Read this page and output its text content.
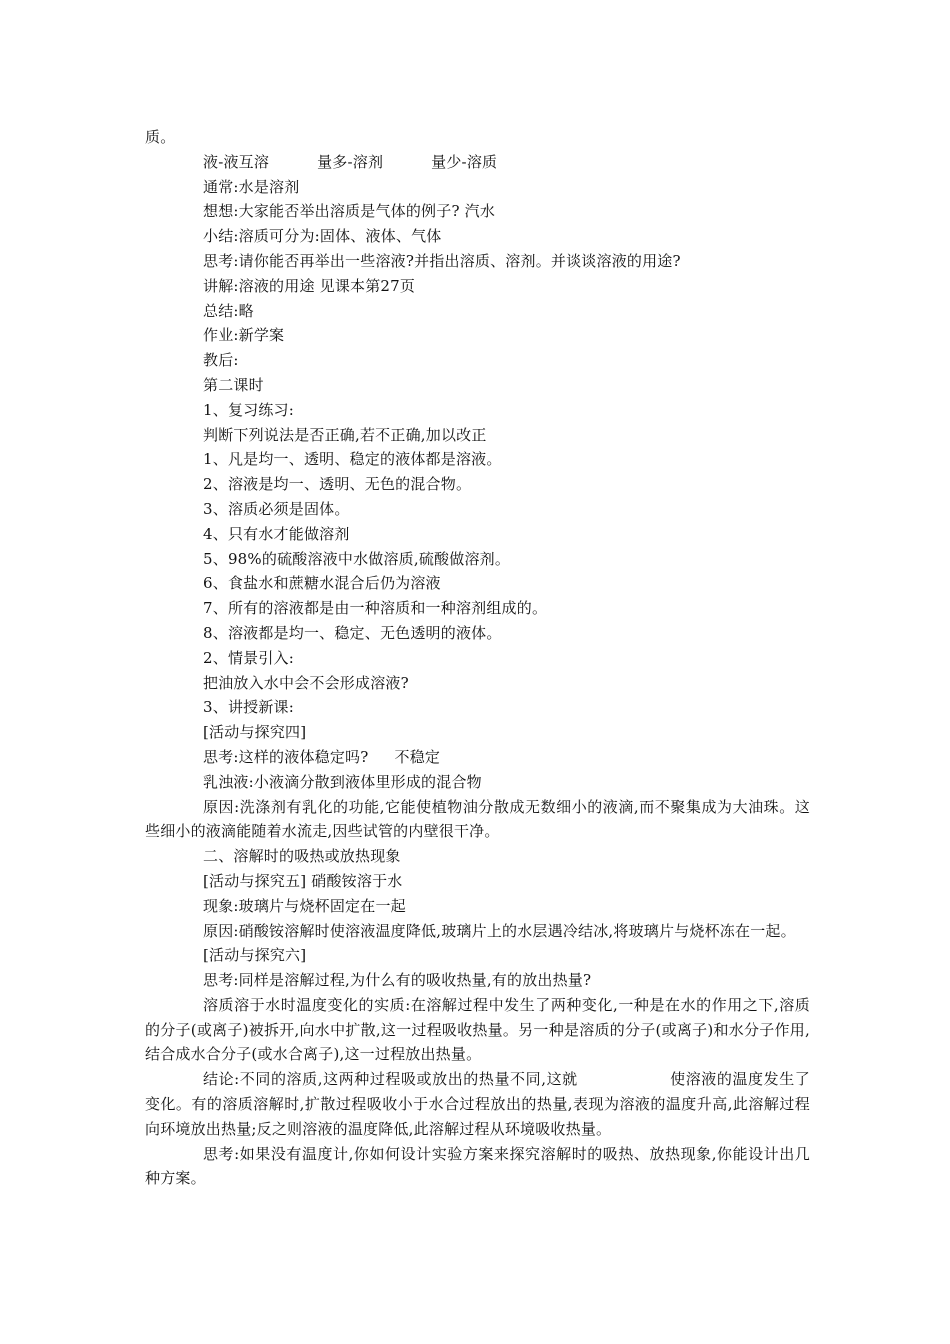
质。

液-液互溶	量多-溶剂	量少-溶质

通常:水是溶剂

想想:大家能否举出溶质是气体的例子? 汽水

小结:溶质可分为:固体、液体、气体

思考:请你能否再举出一些溶液?并指出溶质、溶剂。并谈谈溶液的用途?

讲解:溶液的用途 见课本第27页

总结:略

作业:新学案

教后:

第二课时

1、复习练习:

判断下列说法是否正确,若不正确,加以改正

1、凡是均一、透明、稳定的液体都是溶液。

2、溶液是均一、透明、无色的混合物。

3、溶质必须是固体。

4、只有水才能做溶剂

5、98%的硫酸溶液中水做溶质,硫酸做溶剂。

6、食盐水和蔗糖水混合后仍为溶液

7、所有的溶液都是由一种溶质和一种溶剂组成的。

8、溶液都是均一、稳定、无色透明的液体。

2、情景引入:

把油放入水中会不会形成溶液?

3、讲授新课:

[活动与探究四]

思考:这样的液体稳定吗? 不稳定

乳浊液:小液滴分散到液体里形成的混合物

原因:洗涤剂有乳化的功能,它能使植物油分散成无数细小的液滴,而不聚集成为大油珠。这些细小的液滴能随着水流走,因些试管的内壁很干净。

二、溶解时的吸热或放热现象

[活动与探究五] 硝酸铵溶于水

现象:玻璃片与烧杯固定在一起

原因:硝酸铵溶解时使溶液温度降低,玻璃片上的水层遇冷结冰,将玻璃片与烧杯冻在一起。

[活动与探究六]

思考:同样是溶解过程,为什么有的吸收热量,有的放出热量?

溶质溶于水时温度变化的实质:在溶解过程中发生了两种变化,一种是在水的作用之下,溶质的分子(或离子)被拆开,向水中扩散,这一过程吸收热量。另一种是溶质的分子(或离子)和水分子作用,结合成水合分子(或水合离子),这一过程放出热量。

结论:不同的溶质,这两种过程吸或放出的热量不同,这就	使溶液的温度发生了变化。有的溶质溶解时,扩散过程吸收小于水合过程放出的热量,表现为溶液的温度升高,此溶解过程向环境放出热量;反之则溶液的温度降低,此溶解过程从环境吸收热量。

思考:如果没有温度计,你如何设计实验方案来探究溶解时的吸热、放热现象,你能设计出几种方案。
